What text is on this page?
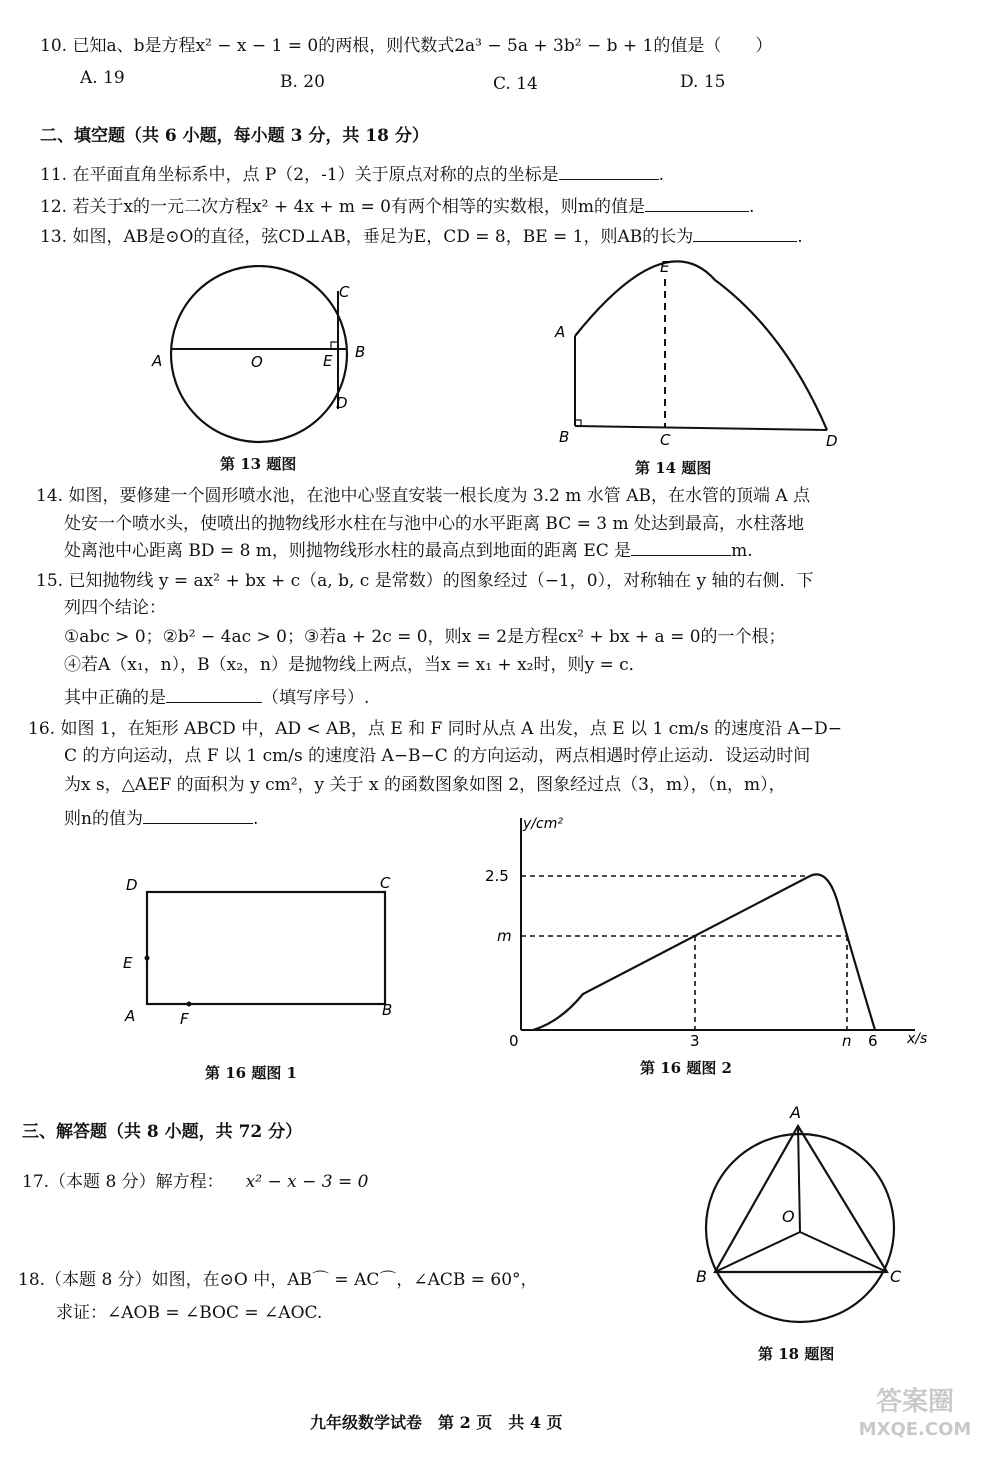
10. 已知a、b是方程x² − x − 1 = 0的两根，则代数式2a³ − 5a + 3b² − b + 1的值是（　　）
A. 19	B. 20	C. 14	D. 15
二、填空题（共 6 小题，每小题 3 分，共 18 分）
11. 在平面直角坐标系中，点 P（2，-1）关于原点对称的点的坐标是	.
12. 若关于x的一元二次方程x² + 4x + m = 0有两个相等的实数根，则m的值是	.
13. 如图，AB是⊙O的直径，弦CD⊥AB，垂足为E，CD = 8，BE = 1，则AB的长为	.
A	O	E B
C
D
第 13 题图
E
A
B	C	D
第 14 题图
14. 如图，要修建一个圆形喷水池，在池中心竖直安装一根长度为 3.2 m 水管 AB，在水管的顶端 A 点
处安一个喷水头，使喷出的抛物线形水柱在与池中心的水平距离 BC = 3 m 处达到最高，水柱落地
处离池中心距离 BD = 8 m，则抛物线形水柱的最高点到地面的距离 EC 是	m.
15. 已知抛物线 y = ax² + bx + c（a, b, c 是常数）的图象经过（−1，0），对称轴在 y 轴的右侧．下
列四个结论：
①abc > 0；②b² − 4ac > 0；③若a + 2c = 0，则x = 2是方程cx² + bx + a = 0的一个根；
④若A（x₁，n），B（x₂，n）是抛物线上两点，当x = x₁ + x₂时，则y = c．
其中正确的是	（填写序号）.
16. 如图 1，在矩形 ABCD 中，AD < AB，点 E 和 F 同时从点 A 出发，点 E 以 1 cm/s 的速度沿 A−D−
C 的方向运动，点 F 以 1 cm/s 的速度沿 A−B−C 的方向运动，两点相遇时停止运动．设运动时间
为x s，△AEF 的面积为 y cm²，y 关于 x 的函数图象如图 2，图象经过点（3，m），（n，m），
则n的值为	.
D	C
E
A	F	B
第 16 题图 1
y/cm²
x/s
2.5
m
0	3	n 6
第 16 题图 2
三、解答题（共 8 小题，共 72 分）
17.（本题 8 分）解方程： x² − x − 3 = 0
18.（本题 8 分）如图，在⊙O 中，AB⌒ = AC⌒，∠ACB = 60°，
求证：∠AOB = ∠BOC = ∠AOC.
A
O
B	C
第 18 题图
九年级数学试卷　第 2 页　共 4 页
答案圈
MXQE.COM
